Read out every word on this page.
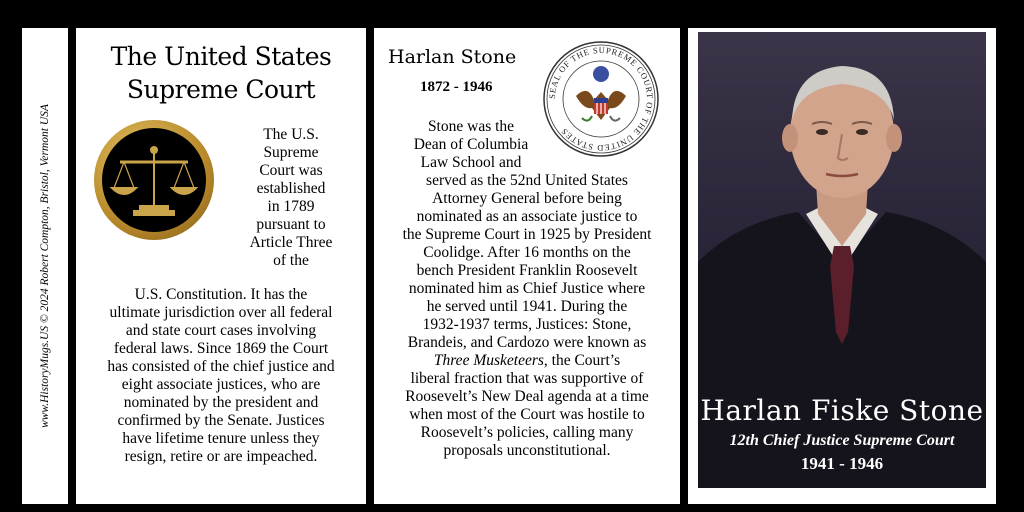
www.HistoryMugs.US © 2024 Robert Compton, Bristol, Vermont USA
The United States
Supreme Court
The U.S.
Supreme
Court was
established
in 1789
pursuant to
Article Three
of the
U.S. Constitution. It has the
ultimate jurisdiction over all federal
and state court cases involving
federal laws. Since 1869 the Court
has consisted of the chief justice and
eight associate justices, who are
nominated by the president and
confirmed by the Senate. Justices
have lifetime tenure unless they
resign, retire or are impeached.
Harlan Stone
1872 - 1946
SEAL OF THE SUPREME COURT OF THE UNITED STATES
Stone was the
Dean of Columbia
Law School and
served as the 52nd United States
Attorney General before being
nominated as an associate justice to
the Supreme Court in 1925 by President
Coolidge. After 16 months on the
bench President Franklin Roosevelt
nominated him as Chief Justice where
he served until 1941. During the
1932-1937 terms, Justices: Stone,
Brandeis, and Cardozo were known as
Three Musketeers, the Court’s
liberal fraction that was supportive of
Roosevelt’s New Deal agenda at a time
when most of the Court was hostile to
Roosevelt’s policies, calling many
proposals unconstitutional.
Harlan Fiske Stone
12th Chief Justice Supreme Court
1941 - 1946
